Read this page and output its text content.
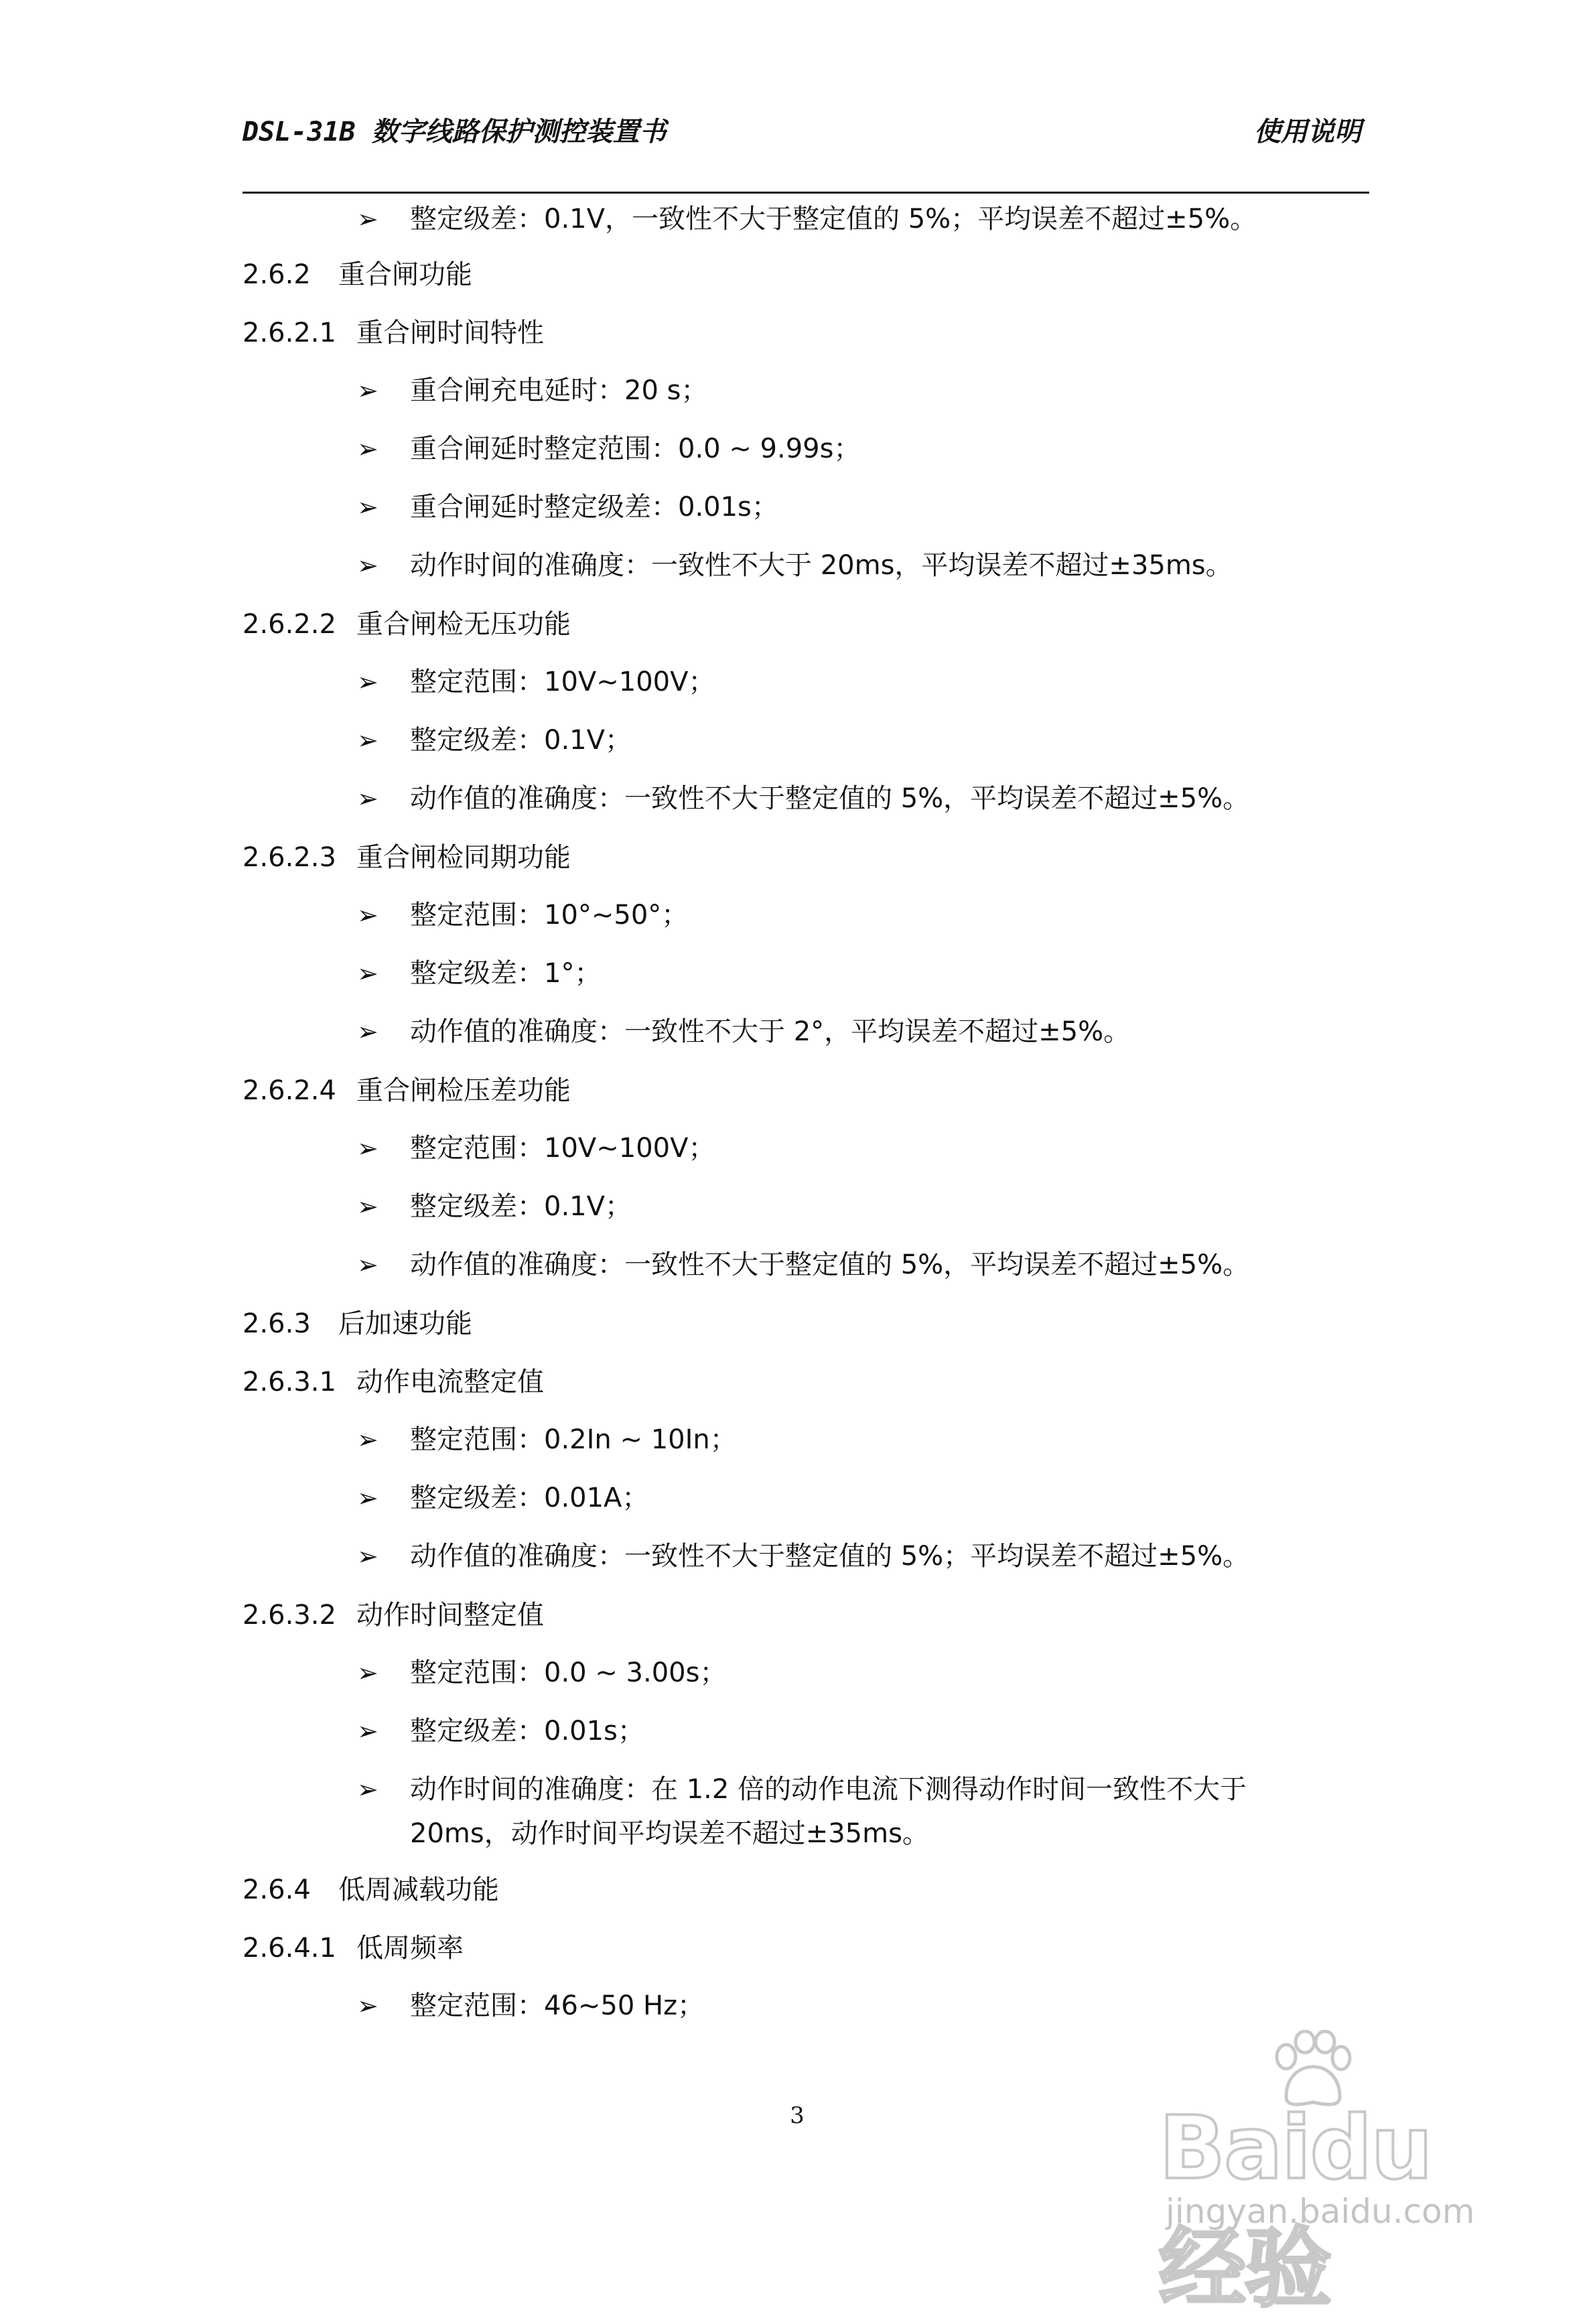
DSL-31B 数字线路保护测控装置书	使用说明
➢ 整定级差：0.1V，一致性不大于整定值的 5%；平均误差不超过±5%。
2.6.2 重合闸功能
2.6.2.1 重合闸时间特性
➢ 重合闸充电延时：20 s；
➢ 重合闸延时整定范围：0.0 ~ 9.99s；
➢ 重合闸延时整定级差：0.01s；
➢ 动作时间的准确度：一致性不大于 20ms，平均误差不超过±35ms。
2.6.2.2 重合闸检无压功能
➢ 整定范围：10V~100V；
➢ 整定级差：0.1V；
➢ 动作值的准确度：一致性不大于整定值的 5%，平均误差不超过±5%。
2.6.2.3 重合闸检同期功能
➢ 整定范围：10°~50°；
➢ 整定级差：1°；
➢ 动作值的准确度：一致性不大于 2°，平均误差不超过±5%。
2.6.2.4 重合闸检压差功能
➢ 整定范围：10V~100V；
➢ 整定级差：0.1V；
➢ 动作值的准确度：一致性不大于整定值的 5%，平均误差不超过±5%。
2.6.3 后加速功能
2.6.3.1 动作电流整定值
➢ 整定范围：0.2In ~ 10In；
➢ 整定级差：0.01A；
➢ 动作值的准确度：一致性不大于整定值的 5%；平均误差不超过±5%。
2.6.3.2 动作时间整定值
➢ 整定范围：0.0 ~ 3.00s；
➢ 整定级差：0.01s；
➢ 动作时间的准确度：在 1.2 倍的动作电流下测得动作时间一致性不大于 20ms，动作时间平均误差不超过±35ms。
2.6.4 低周减载功能
2.6.4.1 低周频率
➢ 整定范围：46~50 Hz；
3	Baidu经验
jingyan.baidu.com
